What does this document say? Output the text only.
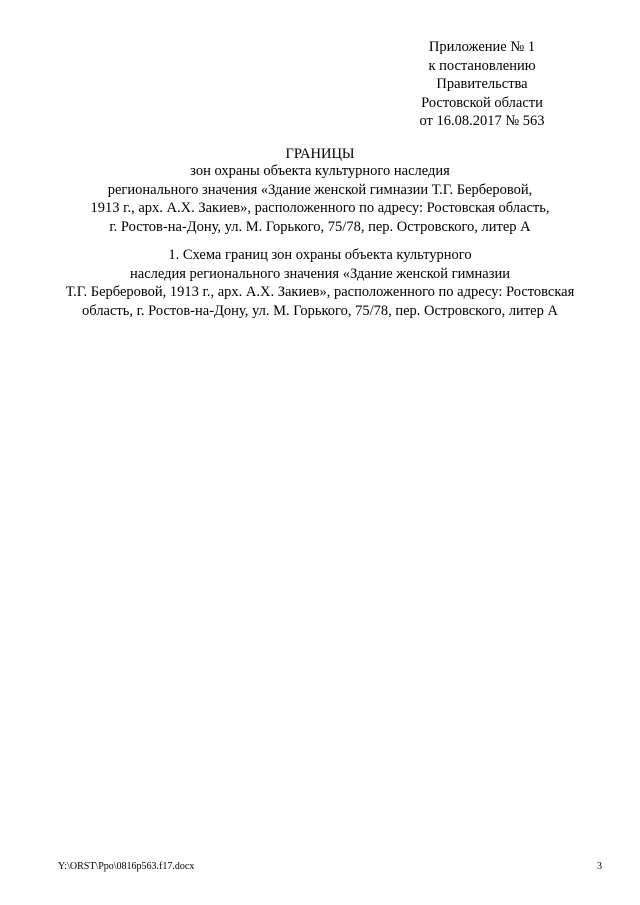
Приложение № 1
к постановлению
Правительства
Ростовской области
от 16.08.2017 № 563
ГРАНИЦЫ
зон охраны объекта культурного наследия
регионального значения «Здание женской гимназии Т.Г. Берберовой,
1913 г., арх. А.Х. Закиев», расположенного по адресу: Ростовская область,
г. Ростов-на-Дону, ул. М. Горького, 75/78, пер. Островского, литер А
1. Схема границ зон охраны объекта культурного
наследия регионального значения «Здание женской гимназии
Т.Г. Берберовой, 1913 г., арх. А.Х. Закиев», расположенного по адресу: Ростовская
область, г. Ростов-на-Дону, ул. М. Горького, 75/78, пер. Островского, литер А
Y:\ORST\Ppo\0816p563.f17.docx	3
